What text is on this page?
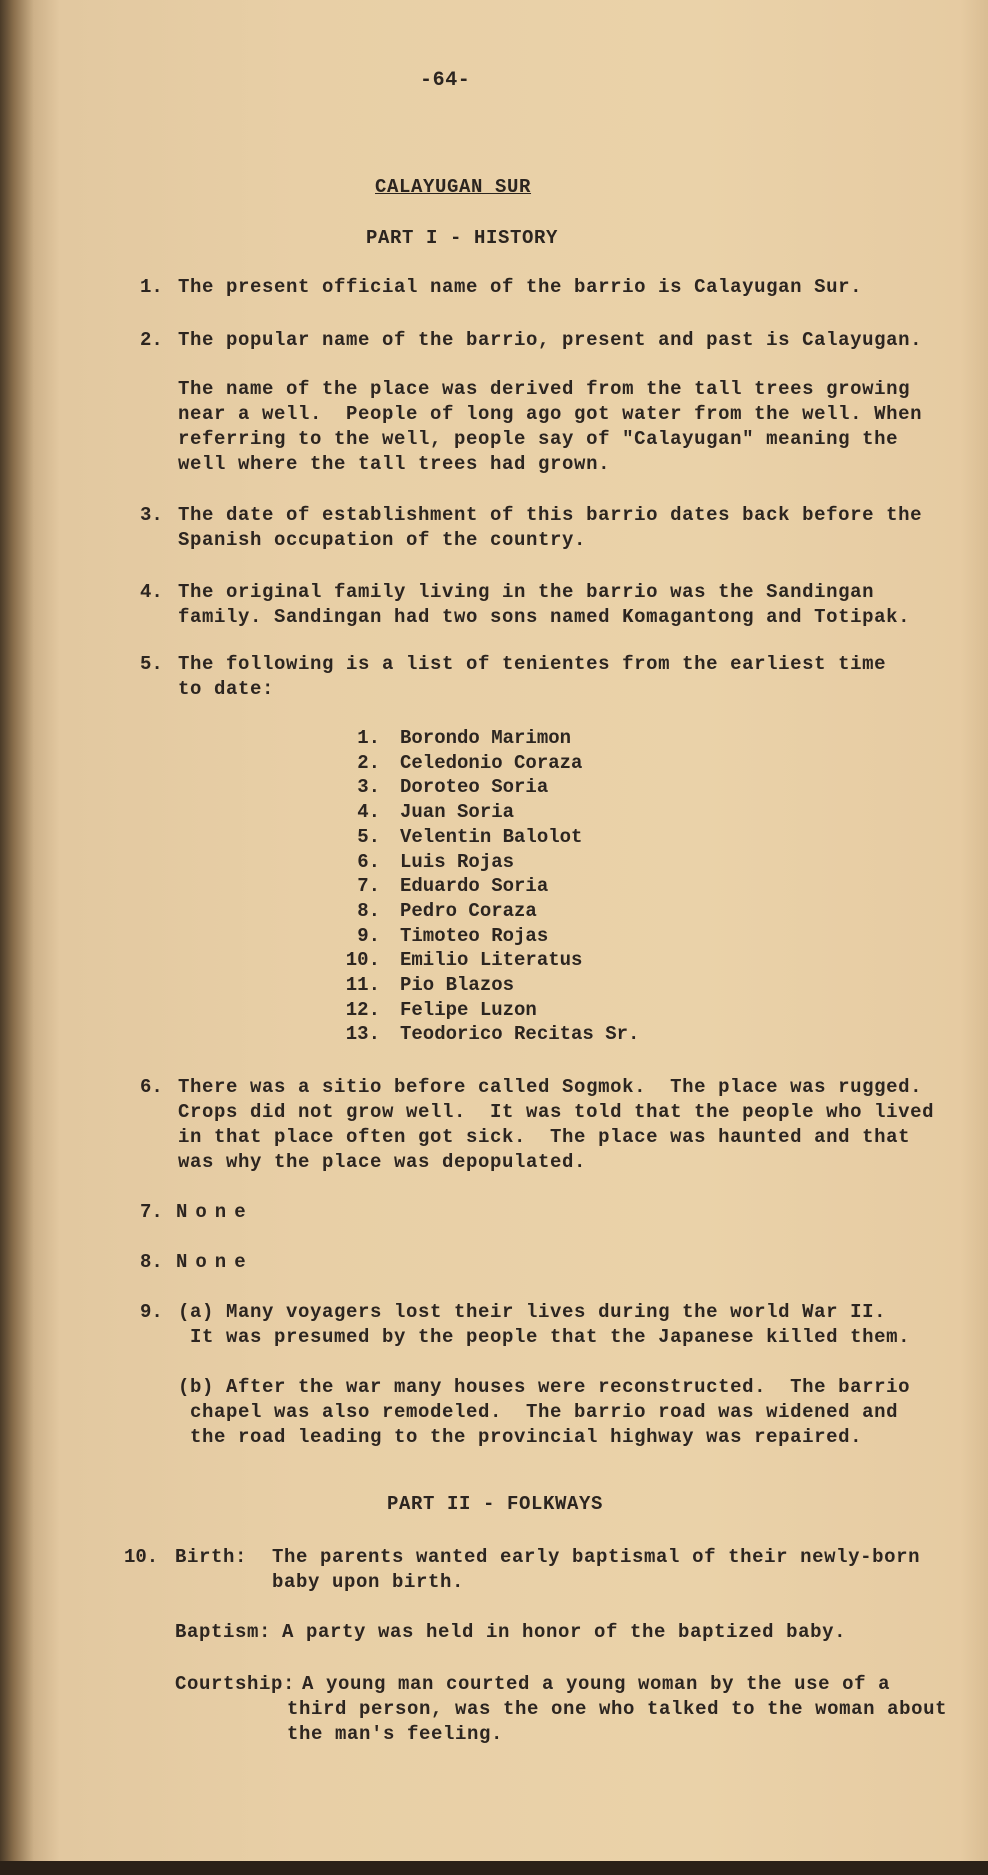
-64-
CALAYUGAN SUR
PART I - HISTORY
1. The present official name of the barrio is Calayugan Sur.
2. The popular name of the barrio, present and past is Calayugan.
The name of the place was derived from the tall trees growing
near a well.  People of long ago got water from the well. When
referring to the well, people say of "Calayugan" meaning the
well where the tall trees had grown.
3. The date of establishment of this barrio dates back before the
Spanish occupation of the country.
4. The original family living in the barrio was the Sandingan
family. Sandingan had two sons named Komagantong and Totipak.
5. The following is a list of tenientes from the earliest time
to date:
6. There was a sitio before called Sogmok.  The place was rugged.
Crops did not grow well.  It was told that the people who lived
in that place often got sick.  The place was haunted and that
was why the place was depopulated.
7. None
8. None
9. (a) Many voyagers lost their lives during the world War II.
It was presumed by the people that the Japanese killed them.
(b) After the war many houses were reconstructed.  The barrio
chapel was also remodeled.  The barrio road was widened and
the road leading to the provincial highway was repaired.
PART II - FOLKWAYS
10. Birth: The parents wanted early baptismal of their newly-born
baby upon birth.
Baptism: A party was held in honor of the baptized baby.
Courtship: A young man courted a young woman by the use of a
third person, was the one who talked to the woman about
the man's feeling.
1. Borondo Marimon
2. Celedonio Coraza
3. Doroteo Soria
4. Juan Soria
5. Velentin Balolot
6. Luis Rojas
7. Eduardo Soria
8. Pedro Coraza
9. Timoteo Rojas
10. Emilio Literatus
11. Pio Blazos
12. Felipe Luzon
13. Teodorico Recitas Sr.
